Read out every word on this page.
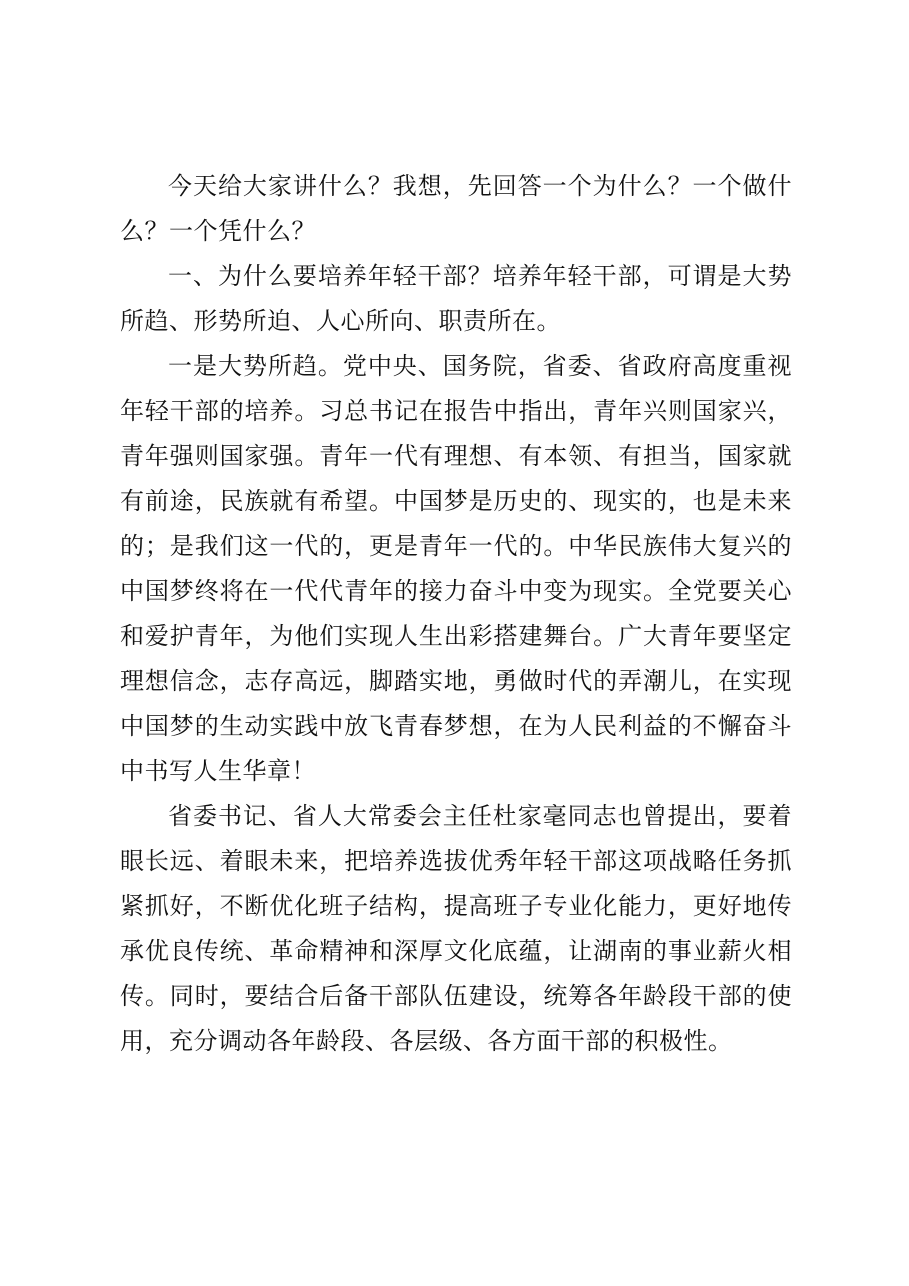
今天给大家讲什么？我想，先回答一个为什么？一个做什么？一个凭什么？

一、为什么要培养年轻干部？培养年轻干部，可谓是大势所趋、形势所迫、人心所向、职责所在。

一是大势所趋。党中央、国务院，省委、省政府高度重视年轻干部的培养。习总书记在报告中指出，青年兴则国家兴，青年强则国家强。青年一代有理想、有本领、有担当，国家就有前途，民族就有希望。中国梦是历史的、现实的，也是未来的；是我们这一代的，更是青年一代的。中华民族伟大复兴的中国梦终将在一代代青年的接力奋斗中变为现实。全党要关心和爱护青年，为他们实现人生出彩搭建舞台。广大青年要坚定理想信念，志存高远，脚踏实地，勇做时代的弄潮儿，在实现中国梦的生动实践中放飞青春梦想，在为人民利益的不懈奋斗中书写人生华章！

省委书记、省人大常委会主任杜家毫同志也曾提出，要着眼长远、着眼未来，把培养选拔优秀年轻干部这项战略任务抓紧抓好，不断优化班子结构，提高班子专业化能力，更好地传承优良传统、革命精神和深厚文化底蕴，让湖南的事业薪火相传。同时，要结合后备干部队伍建设，统筹各年龄段干部的使用，充分调动各年龄段、各层级、各方面干部的积极性。
